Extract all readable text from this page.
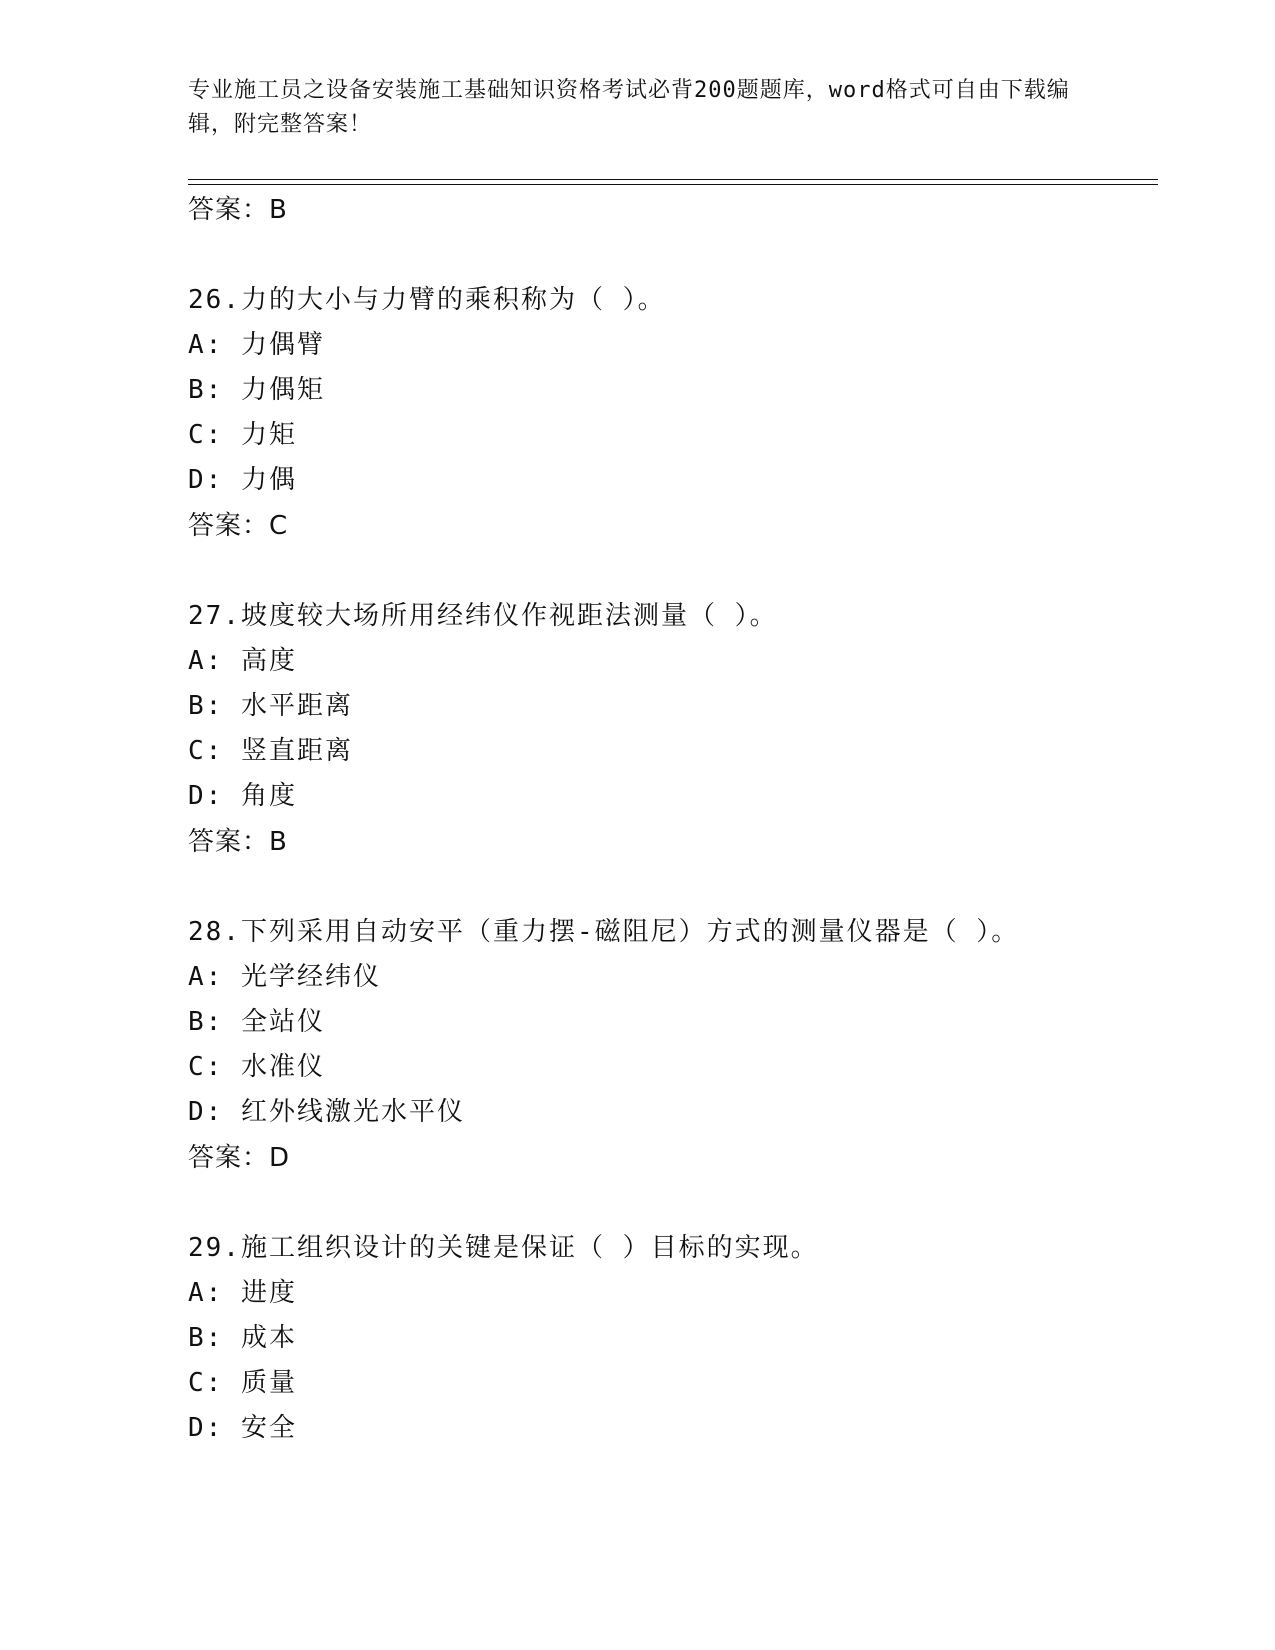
专业施工员之设备安装施工基础知识资格考试必背200题题库，word格式可自由下载编辑，附完整答案！
答案：B
26.力的大小与力臂的乘积称为（ ）。
A: 力偶臂
B: 力偶矩
C: 力矩
D: 力偶
答案：C
27.坡度较大场所用经纬仪作视距法测量（ ）。
A: 高度
B: 水平距离
C: 竖直距离
D: 角度
答案：B
28.下列采用自动安平（重力摆-磁阻尼）方式的测量仪器是（ ）。
A: 光学经纬仪
B: 全站仪
C: 水准仪
D: 红外线激光水平仪
答案：D
29.施工组织设计的关键是保证（ ）目标的实现。
A: 进度
B: 成本
C: 质量
D: 安全
